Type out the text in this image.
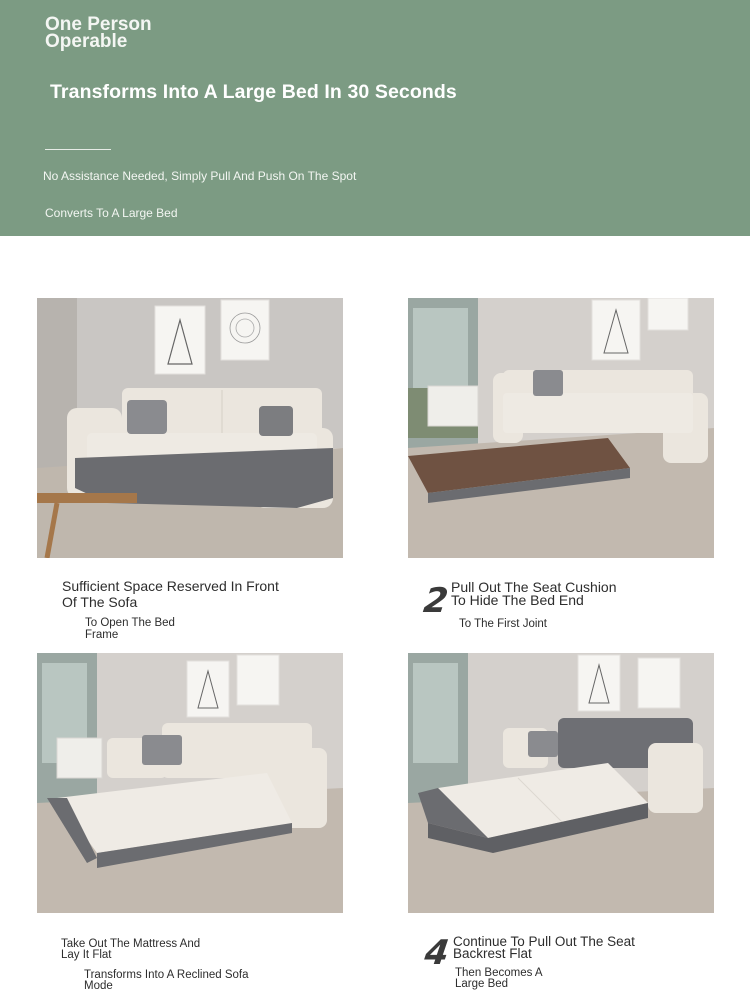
One Person Operable
Transforms Into A Large Bed In 30 Seconds
No Assistance Needed, Simply Pull And Push On The Spot
Converts To A Large Bed
Sufficient Space Reserved In Front Of The Sofa
To Open The Bed Frame
2 Pull Out The Seat Cushion To Hide The Bed End
To The First Joint
Take Out The Mattress And Lay It Flat
Transforms Into A Reclined Sofa Mode
4 Continue To Pull Out The Seat Backrest Flat
Then Becomes A Large Bed
